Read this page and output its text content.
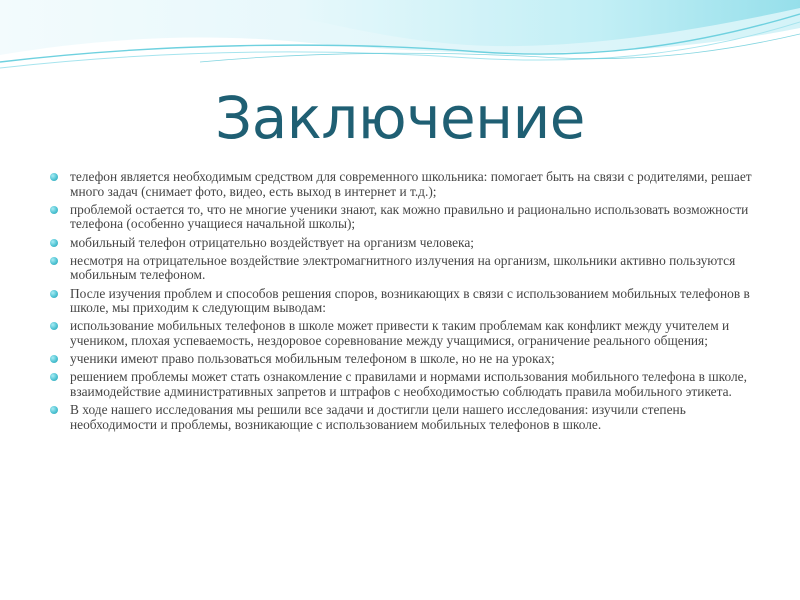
Заключение
телефон является необходимым средством для современного школьника: помогает быть на связи с родителями, решает много задач (снимает фото, видео, есть выход в интернет и т.д.);
проблемой остается то, что не многие ученики знают, как можно правильно и рационально использовать возможности телефона (особенно учащиеся начальной школы);
мобильный телефон отрицательно воздействует на организм человека;
несмотря на отрицательное воздействие электромагнитного излучения на организм, школьники активно пользуются мобильным телефоном.
После изучения проблем и способов решения споров, возникающих в связи с использованием мобильных телефонов в школе, мы приходим к следующим выводам:
использование мобильных телефонов в школе может привести к таким проблемам как конфликт между учителем и учеником, плохая успеваемость, нездоровое соревнование между учащимися, ограничение реального общения;
ученики имеют право пользоваться мобильным телефоном в школе, но не на уроках;
решением проблемы может стать ознакомление с правилами и нормами использования мобильного телефона в школе, взаимодействие административных запретов и штрафов с необходимостью соблюдать правила мобильного этикета.
В ходе нашего исследования мы решили все задачи и достигли цели нашего исследования: изучили степень необходимости и проблемы, возникающие с использованием мобильных телефонов в школе.
